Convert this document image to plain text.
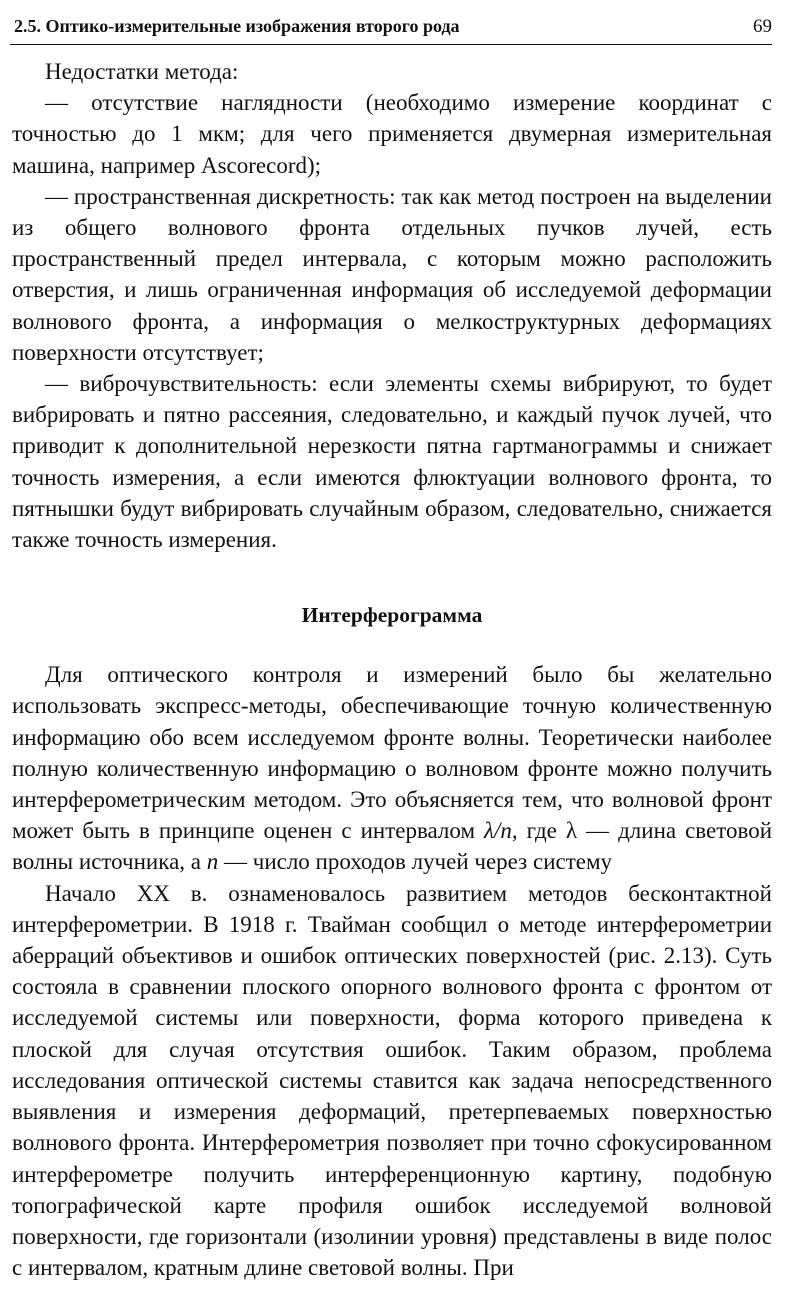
2.5. Оптико-измерительные изображения второго рода	69

Недостатки метода:

— отсутствие наглядности (необходимо измерение координат с точностью до 1 мкм; для чего применяется двумерная измерительная машина, например Ascorecord);

— пространственная дискретность: так как метод построен на выделении из общего волнового фронта отдельных пучков лучей, есть пространственный предел интервала, с которым можно расположить отверстия, и лишь ограниченная информация об исследуемой деформации волнового фронта, а информация о мелкоструктурных деформациях поверхности отсутствует;

— виброчувствительность: если элементы схемы вибрируют, то будет вибрировать и пятно рассеяния, следовательно, и каждый пучок лучей, что приводит к дополнительной нерезкости пятна гартманограммы и снижает точность измерения, а если имеются флюктуации волнового фронта, то пятнышки будут вибрировать случайным образом, следовательно, снижается также точность измерения.

Интерферограмма

Для оптического контроля и измерений было бы желательно использовать экспресс-методы, обеспечивающие точную количественную информацию обо всем исследуемом фронте волны. Теоретически наиболее полную количественную информацию о волновом фронте можно получить интерферометрическим методом. Это объясняется тем, что волновой фронт может быть в принципе оценен с интервалом λ/n, где λ — длина световой волны источника, а n — число проходов лучей через систему

Начало XX в. ознаменовалось развитием методов бесконтактной интерферометрии. В 1918 г. Тваймaн сообщил о методе интерферометрии аберраций объективов и ошибок оптических поверхностей (рис. 2.13). Суть состояла в сравнении плоского опорного волнового фронта с фронтом от исследуемой системы или поверхности, форма которого приведена к плоской для случая отсутствия ошибок. Таким образом, проблема исследования оптической системы ставится как задача непосредственного выявления и измерения деформаций, претерпеваемых поверхностью волнового фронта. Интерферометрия позволяет при точно сфокусированном интерферометре получить интерференционную картину, подобную топографической карте профиля ошибок исследуемой волновой поверхности, где горизонтали (изолинии уровня) представлены в виде полос с интервалом, кратным длине световой волны. При
